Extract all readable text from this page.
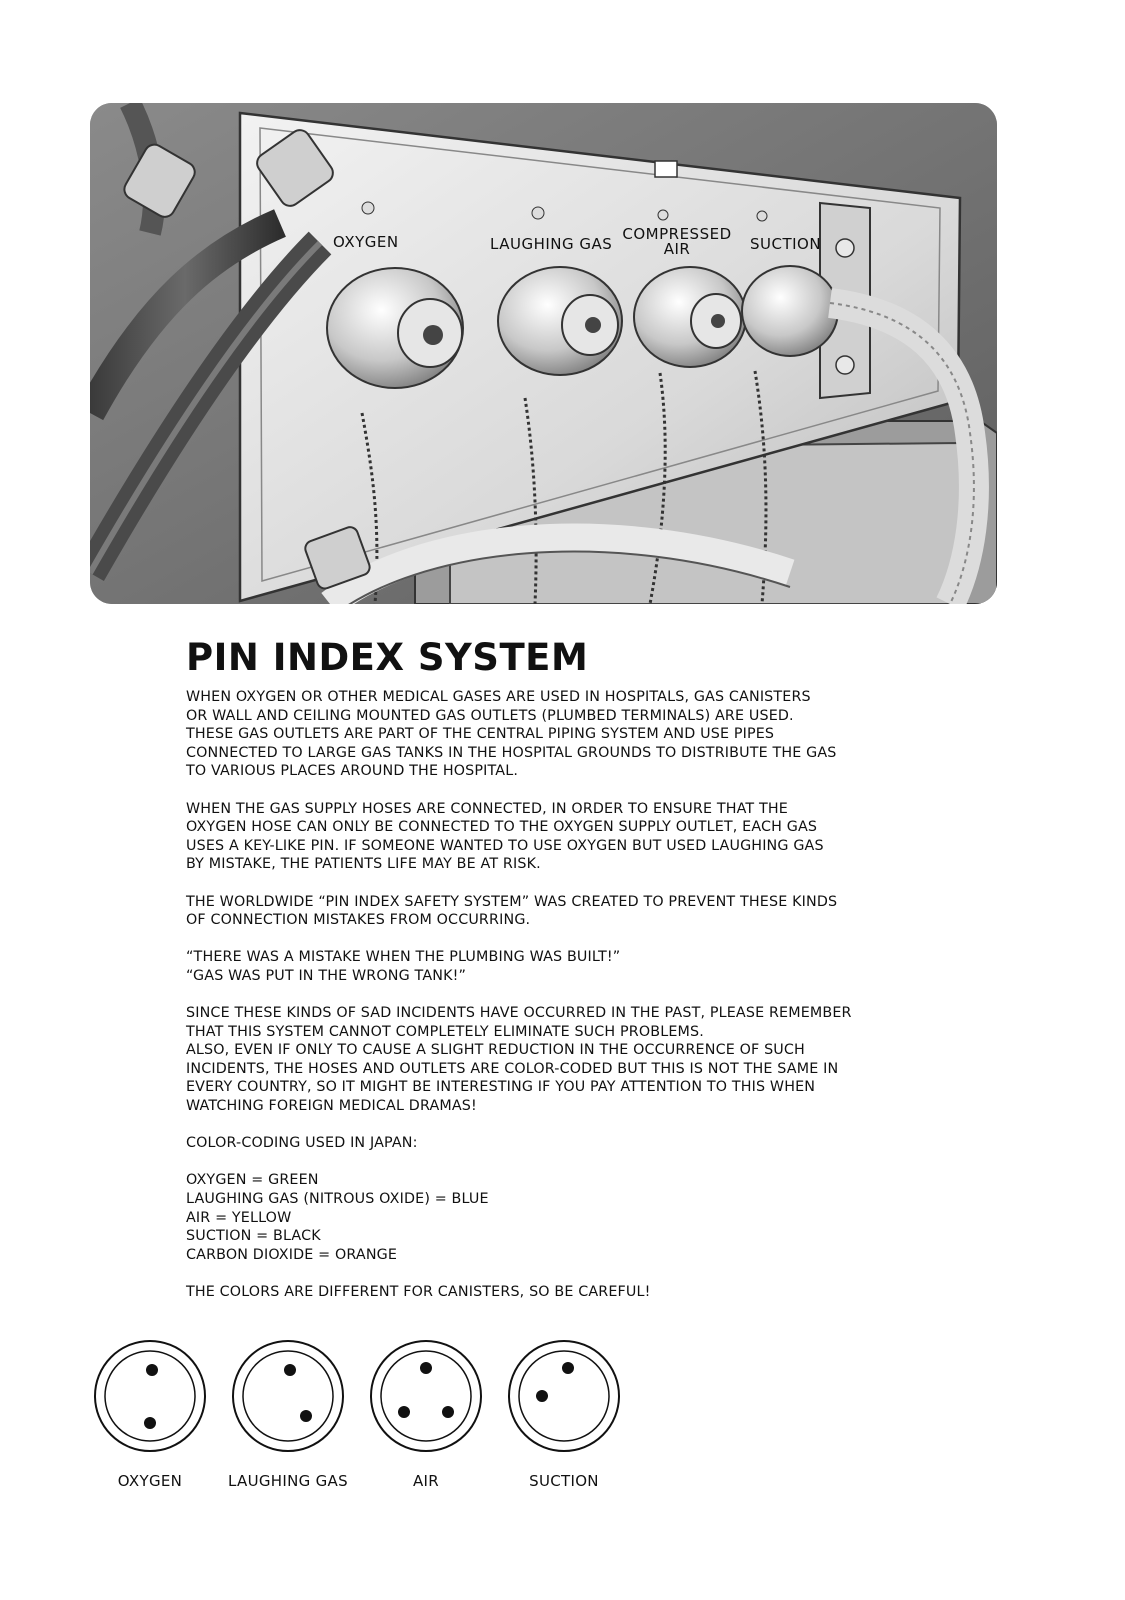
OXYGEN	LAUGHING GAS
COMPRESSED
AIR	SUCTION
PIN INDEX SYSTEM

WHEN OXYGEN OR OTHER MEDICAL GASES ARE USED IN HOSPITALS, GAS CANISTERS
OR WALL AND CEILING MOUNTED GAS OUTLETS (PLUMBED TERMINALS) ARE USED.
THESE GAS OUTLETS ARE PART OF THE CENTRAL PIPING SYSTEM AND USE PIPES
CONNECTED TO LARGE GAS TANKS IN THE HOSPITAL GROUNDS TO DISTRIBUTE THE GAS
TO VARIOUS PLACES AROUND THE HOSPITAL.

WHEN THE GAS SUPPLY HOSES ARE CONNECTED, IN ORDER TO ENSURE THAT THE
OXYGEN HOSE CAN ONLY BE CONNECTED TO THE OXYGEN SUPPLY OUTLET, EACH GAS
USES A KEY-LIKE PIN. IF SOMEONE WANTED TO USE OXYGEN BUT USED LAUGHING GAS
BY MISTAKE, THE PATIENTS LIFE MAY BE AT RISK.

THE WORLDWIDE “PIN INDEX SAFETY SYSTEM” WAS CREATED TO PREVENT THESE KINDS
OF CONNECTION MISTAKES FROM OCCURRING.

“THERE WAS A MISTAKE WHEN THE PLUMBING WAS BUILT!”
“GAS WAS PUT IN THE WRONG TANK!”

SINCE THESE KINDS OF SAD INCIDENTS HAVE OCCURRED IN THE PAST, PLEASE REMEMBER
THAT THIS SYSTEM CANNOT COMPLETELY ELIMINATE SUCH PROBLEMS.
ALSO, EVEN IF ONLY TO CAUSE A SLIGHT REDUCTION IN THE OCCURRENCE OF SUCH
INCIDENTS, THE HOSES AND OUTLETS ARE COLOR-CODED BUT THIS IS NOT THE SAME IN
EVERY COUNTRY, SO IT MIGHT BE INTERESTING IF YOU PAY ATTENTION TO THIS WHEN
WATCHING FOREIGN MEDICAL DRAMAS!

COLOR-CODING USED IN JAPAN:

OXYGEN = GREEN
LAUGHING GAS (NITROUS OXIDE) = BLUE
AIR = YELLOW
SUCTION = BLACK
CARBON DIOXIDE = ORANGE

THE COLORS ARE DIFFERENT FOR CANISTERS, SO BE CAREFUL!

OXYGEN	LAUGHING GAS	AIR	SUCTION
